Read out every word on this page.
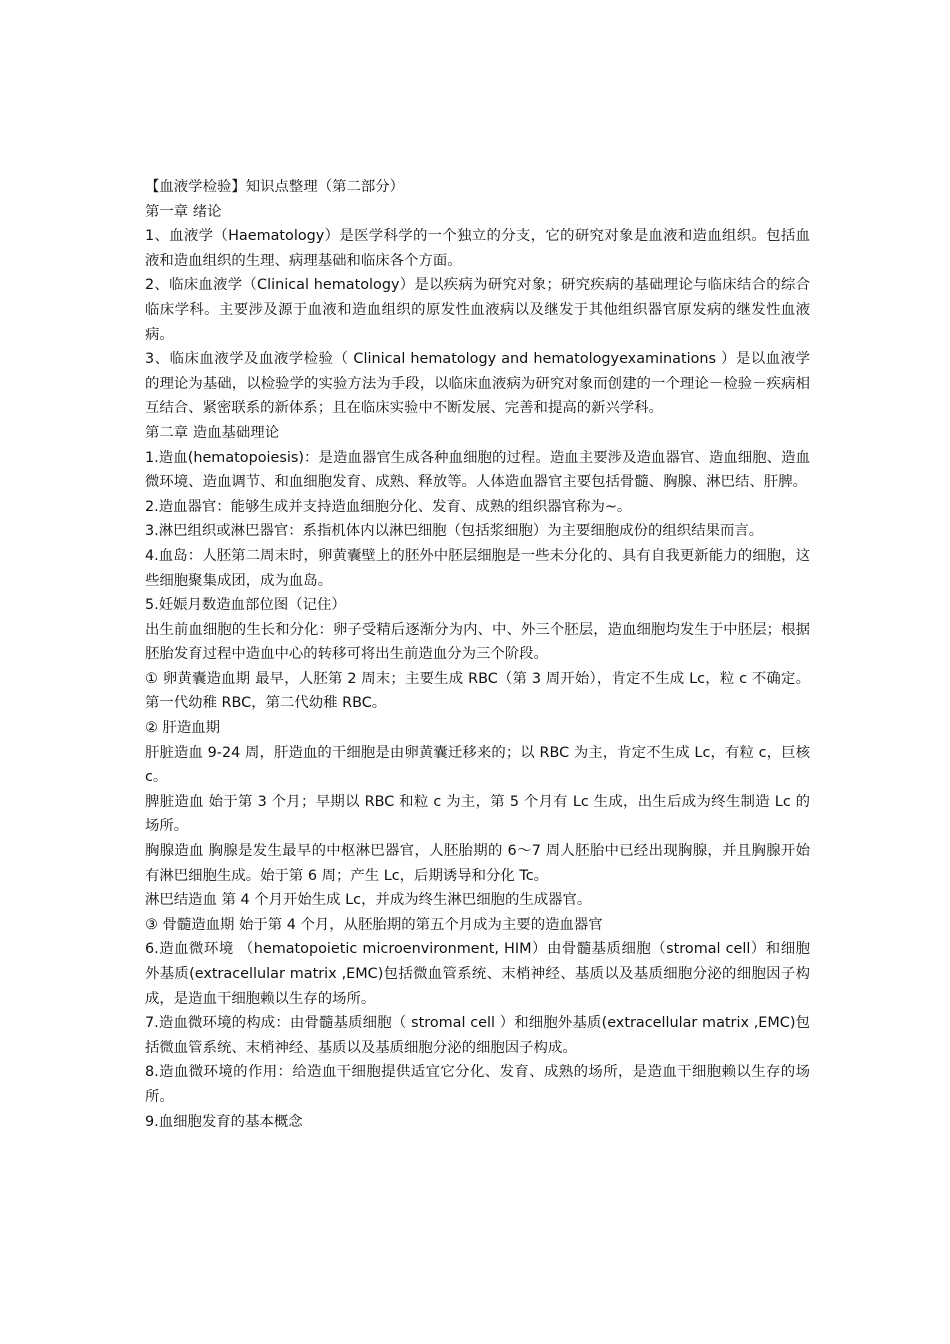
【血液学检验】知识点整理（第二部分）

第一章 绪论

1、血液学（Haematology）是医学科学的一个独立的分支，它的研究对象是血液和造血组织。包括血液和造血组织的生理、病理基础和临床各个方面。

2、临床血液学（Clinical hematology）是以疾病为研究对象；研究疾病的基础理论与临床结合的综合临床学科。主要涉及源于血液和造血组织的原发性血液病以及继发于其他组织器官原发病的继发性血液病。

3、临床血液学及血液学检验（ Clinical hematology and hematologyexaminations ）是以血液学的理论为基础，以检验学的实验方法为手段，以临床血液病为研究对象而创建的一个理论－检验－疾病相互结合、紧密联系的新体系；且在临床实验中不断发展、完善和提高的新兴学科。

第二章 造血基础理论

1.造血(hematopoiesis)：是造血器官生成各种血细胞的过程。造血主要涉及造血器官、造血细胞、造血微环境、造血调节、和血细胞发育、成熟、释放等。人体造血器官主要包括骨髓、胸腺、淋巴结、肝脾。

2.造血器官：能够生成并支持造血细胞分化、发育、成熟的组织器官称为~。

3.淋巴组织或淋巴器官：系指机体内以淋巴细胞（包括浆细胞）为主要细胞成份的组织结果而言。

4.血岛：人胚第二周末时，卵黄囊壁上的胚外中胚层细胞是一些未分化的、具有自我更新能力的细胞，这些细胞聚集成团，成为血岛。

5.妊娠月数造血部位图（记住）

出生前血细胞的生长和分化：卵子受精后逐渐分为内、中、外三个胚层，造血细胞均发生于中胚层；根据胚胎发育过程中造血中心的转移可将出生前造血分为三个阶段。

① 卵黄囊造血期 最早，人胚第 2 周末；主要生成 RBC（第 3 周开始），肯定不生成 Lc，粒 c 不确定。第一代幼稚 RBC，第二代幼稚 RBC。

② 肝造血期

肝脏造血 9-24 周，肝造血的干细胞是由卵黄囊迁移来的；以 RBC 为主，肯定不生成 Lc，有粒 c，巨核 c。

脾脏造血 始于第 3 个月；早期以 RBC 和粒 c 为主，第 5 个月有 Lc 生成，出生后成为终生制造 Lc 的场所。

胸腺造血 胸腺是发生最早的中枢淋巴器官，人胚胎期的 6～7 周人胚胎中已经出现胸腺，并且胸腺开始有淋巴细胞生成。始于第 6 周；产生 Lc，后期诱导和分化 Tc。

淋巴结造血 第 4 个月开始生成 Lc，并成为终生淋巴细胞的生成器官。

③ 骨髓造血期 始于第 4 个月，从胚胎期的第五个月成为主要的造血器官

6.造血微环境 （hematopoietic microenvironment, HIM）由骨髓基质细胞（stromal cell）和细胞外基质(extracellular matrix ,EMC)包括微血管系统、末梢神经、基质以及基质细胞分泌的细胞因子构成，是造血干细胞赖以生存的场所。

7.造血微环境的构成：由骨髓基质细胞（ stromal cell ）和细胞外基质(extracellular matrix ,EMC)包括微血管系统、末梢神经、基质以及基质细胞分泌的细胞因子构成。

8.造血微环境的作用：给造血干细胞提供适宜它分化、发育、成熟的场所，是造血干细胞赖以生存的场所。

9.血细胞发育的基本概念
